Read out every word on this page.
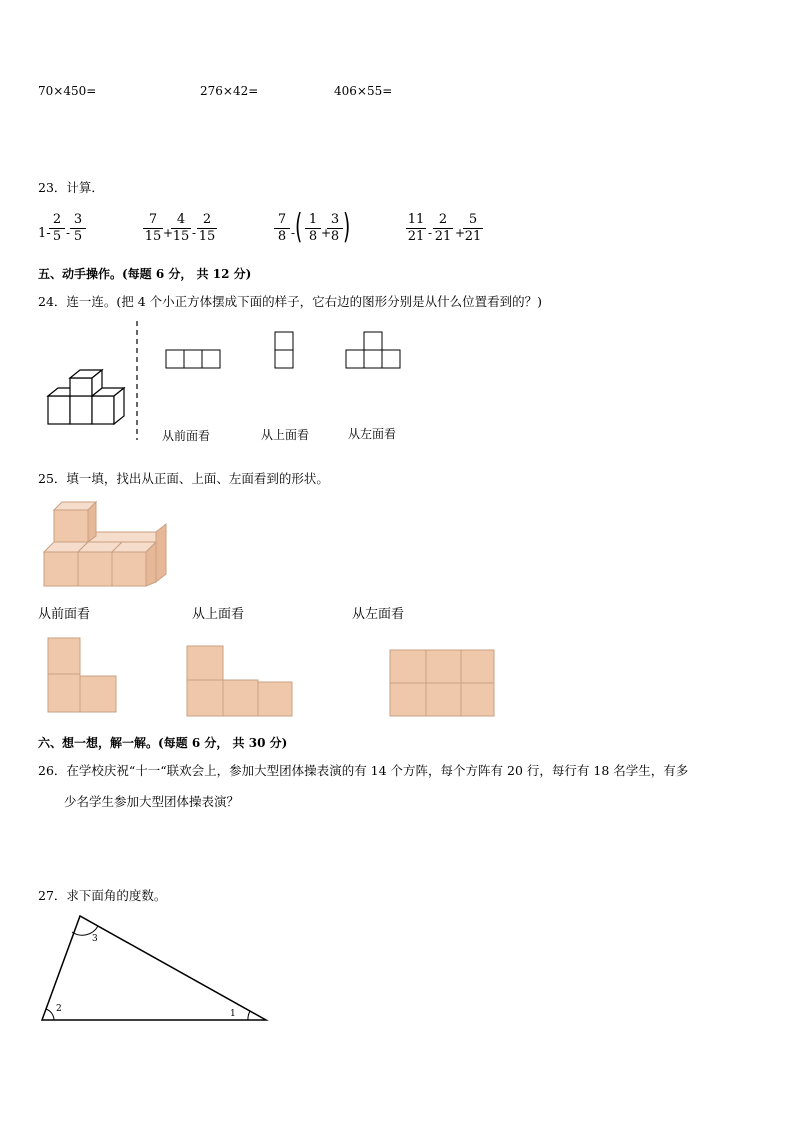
70×450=	276×42=	406×55=
23．计算．
1-
$\frac{2}{5} - \frac{3}{5}$	$\frac{7}{15}$ +
$\frac{4}{15} - \frac{2}{15}$	$\frac{7}{8}$ - ( $\frac{1}{8}$ +
$\frac{3}{8}$ )	$\frac{11}{21} - \frac{2}{21}$ +
$\frac{5}{21}$
五、动手操作。(每题 6 分， 共 12 分)
24．连一连。(把 4 个小正方体摆成下面的样子，它右边的图形分别是从什么位置看到的？)
从前面看	从上面看	从左面看
25．填一填，找出从正面、上面、左面看到的形状。
从前面看	从上面看	从左面看
六、想一想，解一解。(每题 6 分， 共 30 分)
26．在学校庆祝“十一“联欢会上，参加大型团体操表演的有 14 个方阵，每个方阵有 20 行，每行有 18 名学生，有多
少名学生参加大型团体操表演？
27．求下面角的度数。
1
2
3
